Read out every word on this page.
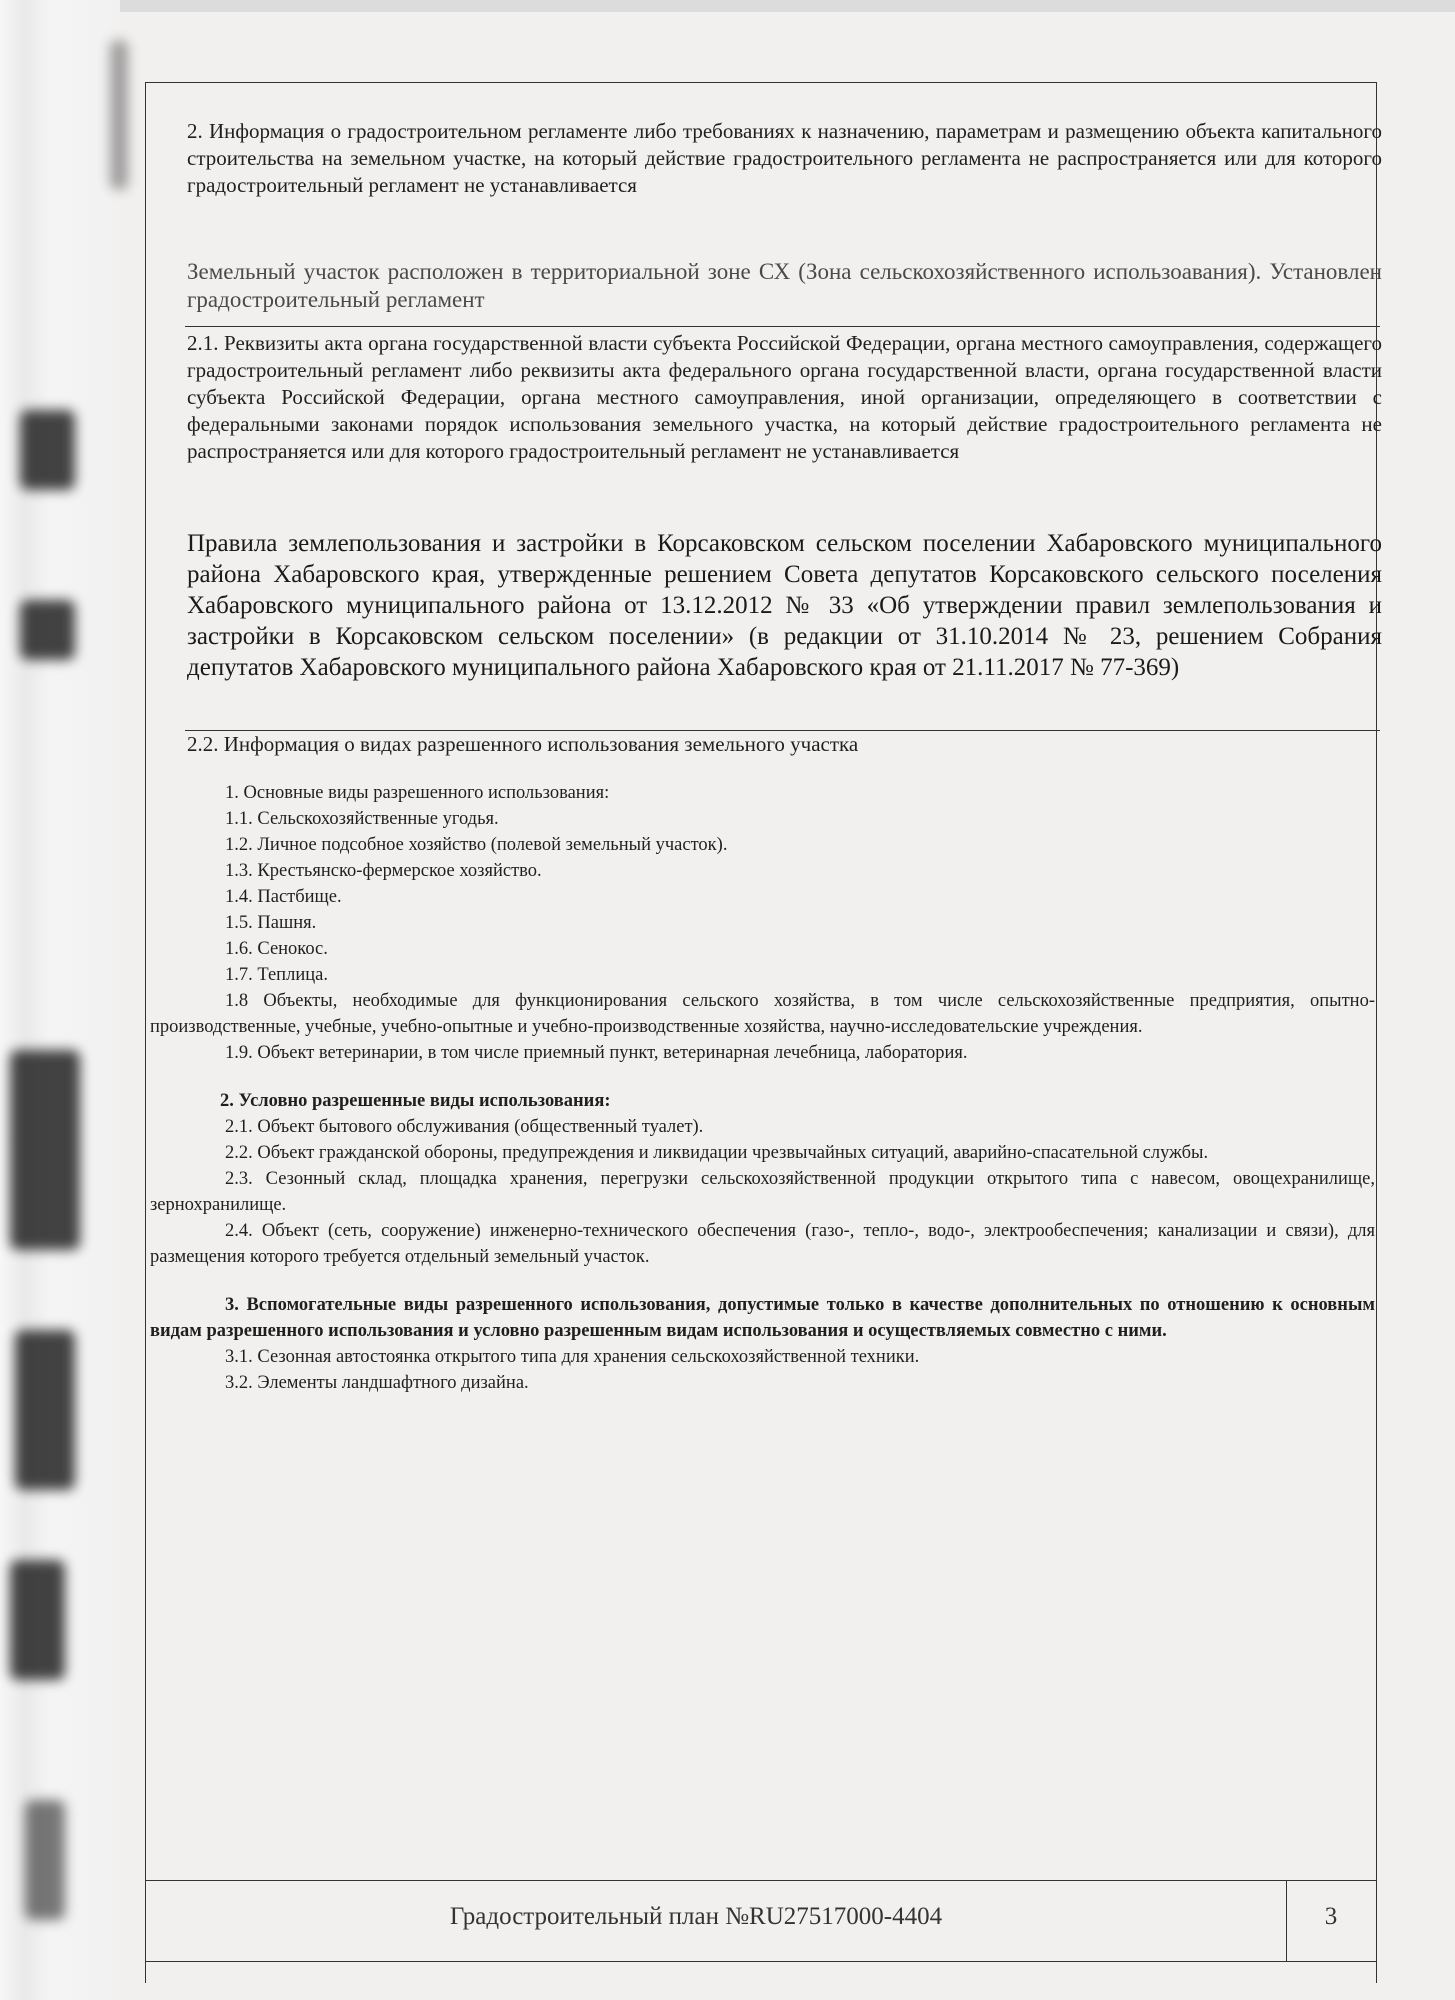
2. Информация о градостроительном регламенте либо требованиях к назначению, параметрам и размещению объекта капитального строительства на земельном участке, на который действие градостроительного регламента не распространяется или для которого градостроительный регламент не устанавливается
Земельный участок расположен в территориальной зоне СХ (Зона сельскохозяйственного использоавания). Установлен градостроительный регламент
2.1. Реквизиты акта органа государственной власти субъекта Российской Федерации, органа местного самоуправления, содержащего градостроительный регламент либо реквизиты акта федерального органа государственной власти, органа государственной власти субъекта Российской Федерации, органа местного самоуправления, иной организации, определяющего в соответствии с федеральными законами порядок использования земельного участка, на который действие градостроительного регламента не распространяется или для которого градостроительный регламент не устанавливается
Правила землепользования и застройки в Корсаковском сельском поселении Хабаровского муниципального района Хабаровского края, утвержденные решением Совета депутатов Корсаковского сельского поселения Хабаровского муниципального района от 13.12.2012 № 33 «Об утверждении правил землепользования и застройки в Корсаковском сельском поселении» (в редакции от 31.10.2014 № 23, решением Собрания депутатов Хабаровского муниципального района Хабаровского края от 21.11.2017 № 77-369)
2.2. Информация о видах разрешенного использования земельного участка

1. Основные виды разрешенного использования:

1.1. Сельскохозяйственные угодья.

1.2. Личное подсобное хозяйство (полевой земельный участок).

1.3. Крестьянско-фермерское хозяйство.

1.4. Пастбище.

1.5. Пашня.

1.6. Сенокос.

1.7. Теплица.

1.8 Объекты, необходимые для функционирования сельского хозяйства, в том числе сельскохозяйственные предприятия, опытно-производственные, учебные, учебно-опытные и учебно-производственные хозяйства, научно-исследовательские учреждения.

1.9. Объект ветеринарии, в том числе приемный пункт, ветеринарная лечебница, лаборатория.

2. Условно разрешенные виды использования:

2.1. Объект бытового обслуживания (общественный туалет).

2.2. Объект гражданской обороны, предупреждения и ликвидации чрезвычайных ситуаций, аварийно-спасательной службы.

2.3. Сезонный склад, площадка хранения, перегрузки сельскохозяйственной продукции открытого типа с навесом, овощехранилище, зернохранилище.

2.4. Объект (сеть, сооружение) инженерно-технического обеспечения (газо-, тепло-, водо-, электрообеспечения; канализации и связи), для размещения которого требуется отдельный земельный участок.

3. Вспомогательные виды разрешенного использования, допустимые только в качестве дополнительных по отношению к основным видам разрешенного использования и условно разрешенным видам использования и осуществляемых совместно с ними.

3.1. Сезонная автостоянка открытого типа для хранения сельскохозяйственной техники.

3.2. Элементы ландшафтного дизайна.

Градостроительный план №RU27517000-4404	3
